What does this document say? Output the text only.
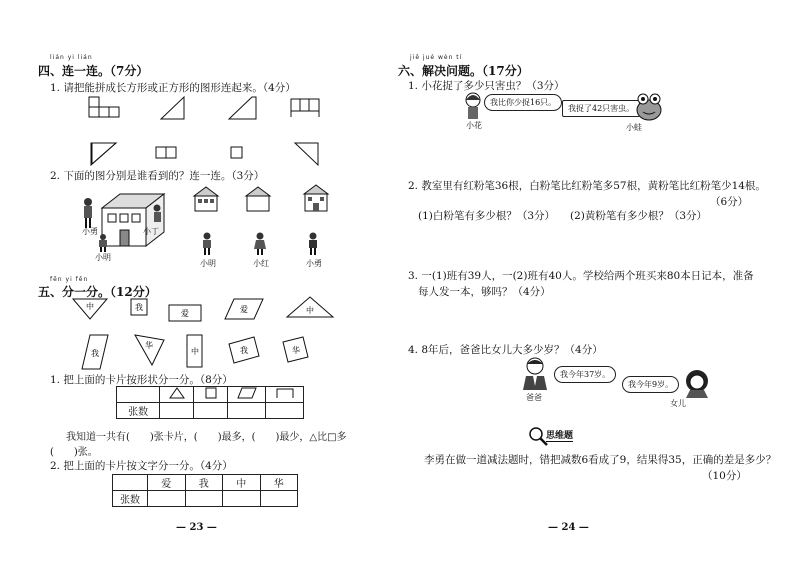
lián yi lián
四、连一连。（7分）
1. 请把能拼成长方形或正方形的图形连起来。（4分）
2. 下面的图分别是谁看到的？连一连。（3分）
小勇	小丁
小明
小明	小红	小勇
fēn yi fēn
五、分一分。（12分）
中	我
爱	爱	中
我
华
中	我	华
1. 把上面的卡片按形状分一分。（8分）

张数				
我知道一共有(　　)张卡片，(　　)最多，(　　)最少，△比□多
(　　)张。
2. 把上面的卡片按文字分一分。（4分）
	爱	我	中	华
张数				
— 23 —
jiě jué wèn tí
六、解决问题。（17分）
1. 小花捉了多少只害虫？（3分）
我比你少捉16只。
小花
我捉了42只害虫。
小蛙
2. 教室里有红粉笔36根，白粉笔比红粉笔多57根，黄粉笔比红粉笔少14根。
（6分）
(1)白粉笔有多少根？（3分） (2)黄粉笔有多少根？（3分）
3. 一(1)班有39人，一(2)班有40人。学校给两个班买来80本日记本，准备
每人发一本，够吗？（4分）
4. 8年后，爸爸比女儿大多少岁？（4分）
我今年37岁。
爸爸
我今年9岁。
女儿
思维题
李勇在做一道减法题时，错把减数6看成了9，结果得35，正确的差是多少？
（10分）
— 24 —
